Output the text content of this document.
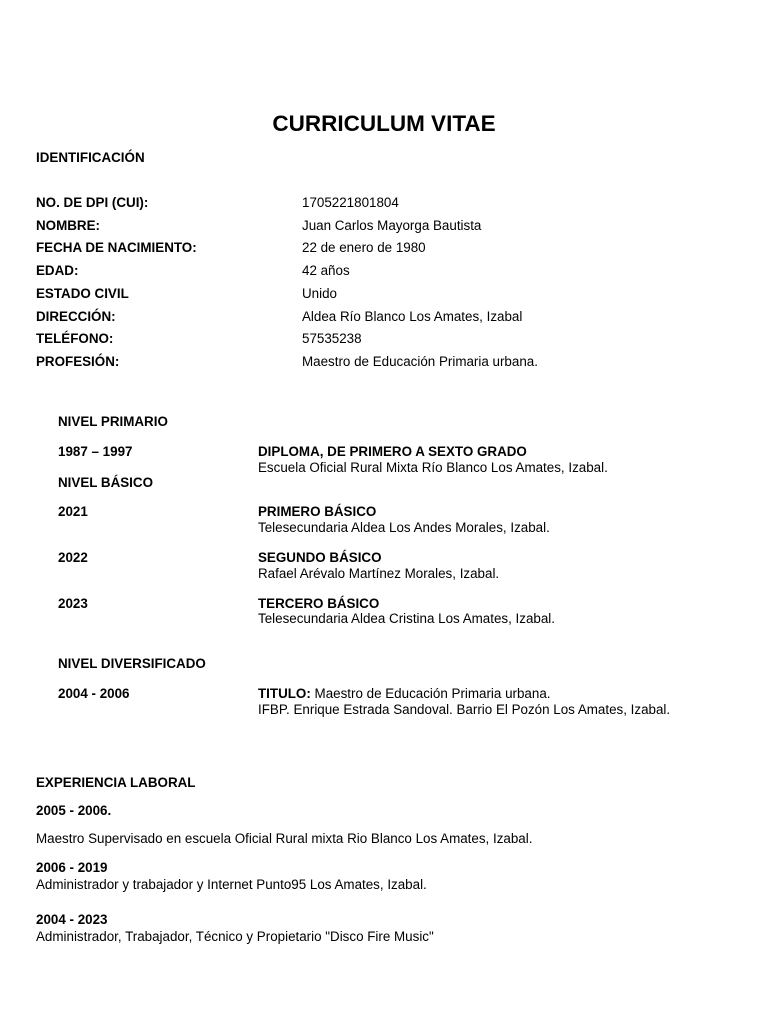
CURRICULUM VITAE
IDENTIFICACIÓN
NO. DE DPI (CUI):	1705221801804
NOMBRE:	Juan Carlos Mayorga Bautista
FECHA DE NACIMIENTO:	22 de enero de 1980
EDAD:	42 años
ESTADO CIVIL	Unido
DIRECCIÓN:	Aldea Río Blanco Los Amates, Izabal
TELÉFONO:	57535238
PROFESIÓN:	Maestro de Educación Primaria urbana.
NIVEL PRIMARIO
1987 – 1997	DIPLOMA, DE PRIMERO A SEXTO GRADO
Escuela Oficial Rural Mixta Río Blanco Los Amates, Izabal.
NIVEL BÁSICO
2021	PRIMERO BÁSICO
Telesecundaria Aldea Los Andes Morales, Izabal.
2022	SEGUNDO BÁSICO
Rafael Arévalo Martínez Morales, Izabal.
2023	TERCERO BÁSICO
Telesecundaria Aldea Cristina Los Amates, Izabal.
NIVEL DIVERSIFICADO
2004 - 2006	TITULO: Maestro de Educación Primaria urbana.
IFBP. Enrique Estrada Sandoval. Barrio El Pozón Los Amates, Izabal.
EXPERIENCIA LABORAL
2005 - 2006.
Maestro Supervisado en escuela Oficial Rural mixta Rio Blanco Los Amates, Izabal.
2006 - 2019
Administrador y trabajador y Internet Punto95 Los Amates, Izabal.
2004 - 2023
Administrador, Trabajador, Técnico y Propietario "Disco Fire Music"
